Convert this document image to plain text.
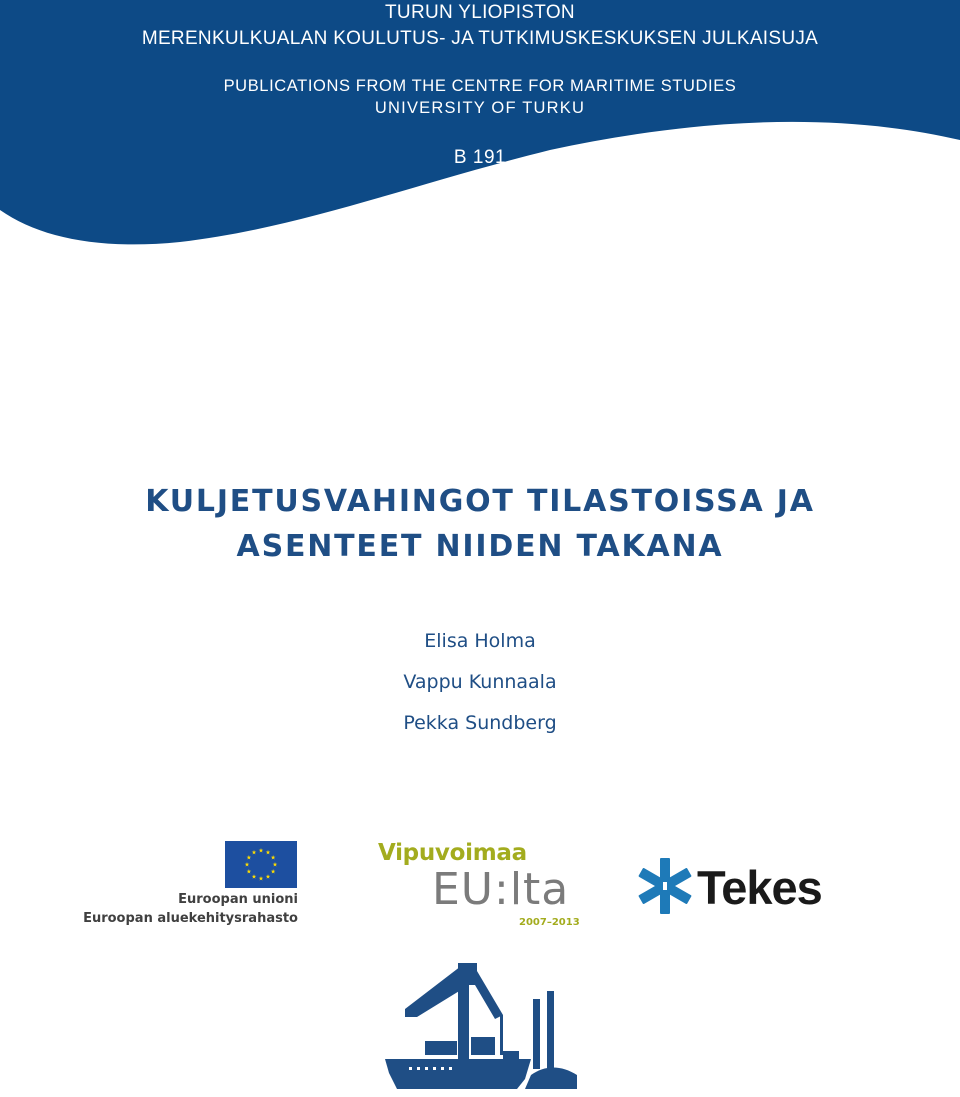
TURUN YLIOPISTON
MERENKULKUALAN KOULUTUS- JA TUTKIMUSKESKUKSEN JULKAISUJA
PUBLICATIONS FROM THE CENTRE FOR MARITIME STUDIES
UNIVERSITY OF TURKU
B 191
2012
KULJETUSVAHINGOT TILASTOISSA JA
ASENTEET NIIDEN TAKANA
Elisa Holma
Vappu Kunnaala
Pekka Sundberg
Euroopan unioni
Euroopan aluekehitysrahasto
Vipuvoimaa
EU:lta
2007–2013
Tekes
